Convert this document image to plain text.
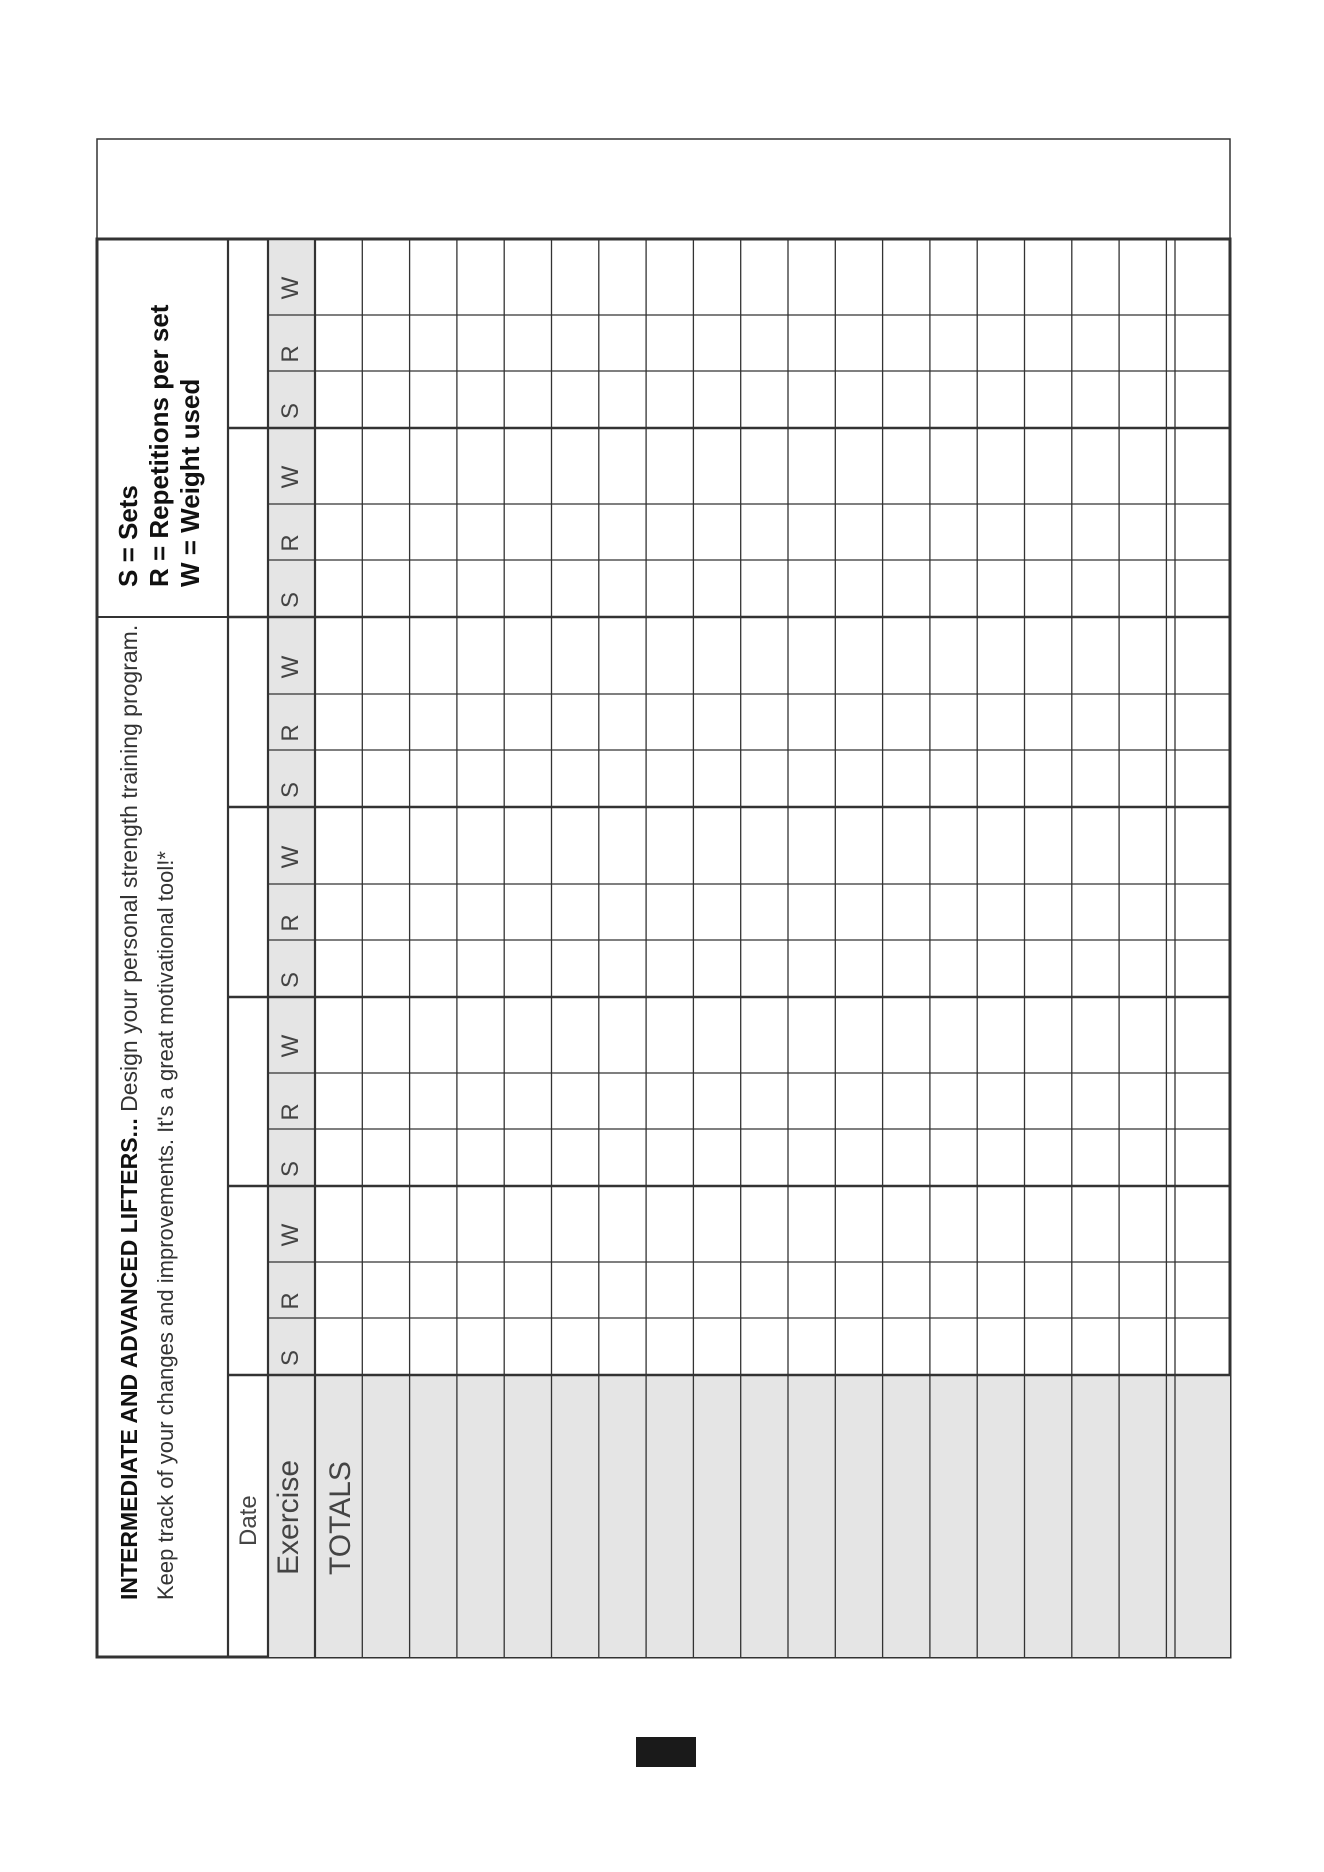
INTERMEDIATE AND ADVANCED LIFTERS... Design your personal strength training program. Keep track of your changes and improvements. It's a great motivational tool!*
S = Sets R = Repetitions per set W = Weight used
Date Exercise TOTALS
S
R
W
S
R
W
S
R
W
S
R
W
S
R
W
S
R
W
